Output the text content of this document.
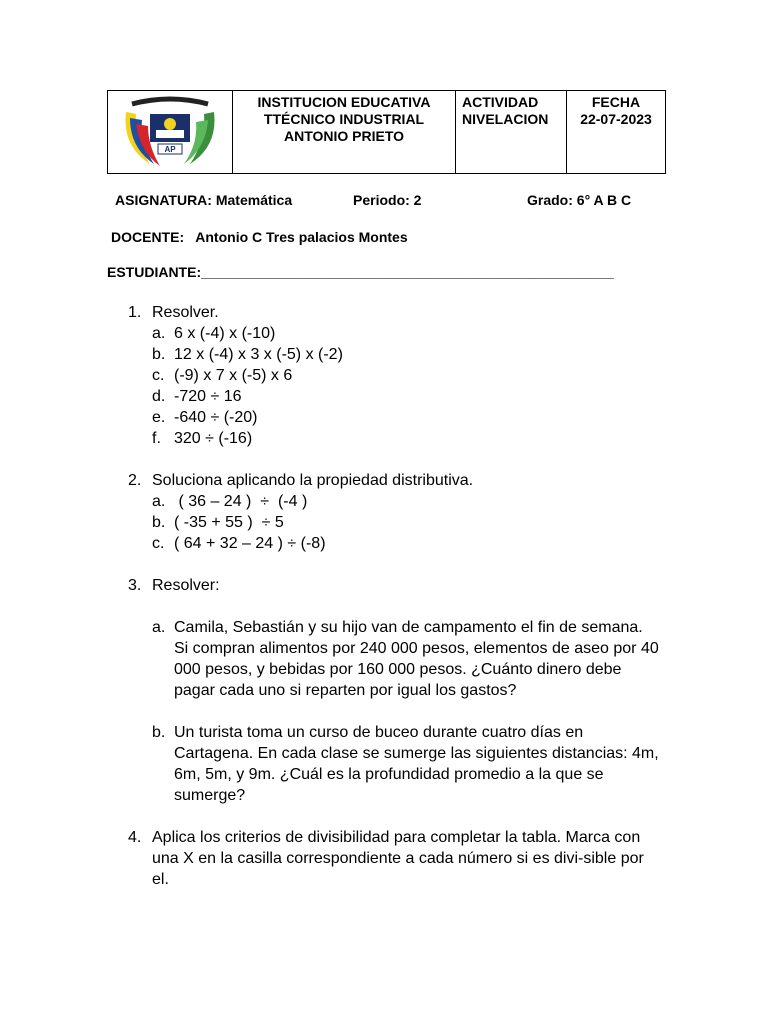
AP

INSTITUCION EDUCATIVA
TTÉCNICO INDUSTRIAL
ANTONIO PRIETO

ACTIVIDAD
NIVELACION

FECHA
22-07-2023
ASIGNATURA: Matemática	Periodo: 2	Grado: 6° A B C
DOCENTE:   Antonio C Tres palacios Montes
ESTUDIANTE:_____________________________________________________
1. Resolver.
a. 6 x (-4) x (-10)
b. 12 x (-4) x 3 x (-5) x (-2)
c. (-9) x 7 x (-5) x 6
d. -720 ÷ 16
e. -640 ÷ (-20)
f. 320 ÷ (-16)
2. Soluciona aplicando la propiedad distributiva.
a. ( 36 – 24 )  ÷  (-4 )
b. ( -35 + 55 )  ÷ 5
c. ( 64 + 32 – 24 ) ÷ (-8)
3. Resolver:
a. Camila, Sebastián y su hijo van de campamento el fin de semana. Si compran alimentos por 240 000 pesos, elementos de aseo por 40 000 pesos, y bebidas por 160 000 pesos. ¿Cuánto dinero debe pagar cada uno si reparten por igual los gastos?
b. Un turista toma un curso de buceo durante cuatro días en Cartagena. En cada clase se sumerge las siguientes distancias: 4m, 6m, 5m, y 9m. ¿Cuál es la profundidad promedio a la que se sumerge?
4. Aplica los criterios de divisibilidad para completar la tabla. Marca con una X en la casilla correspondiente a cada número si es divi-sible por el.
